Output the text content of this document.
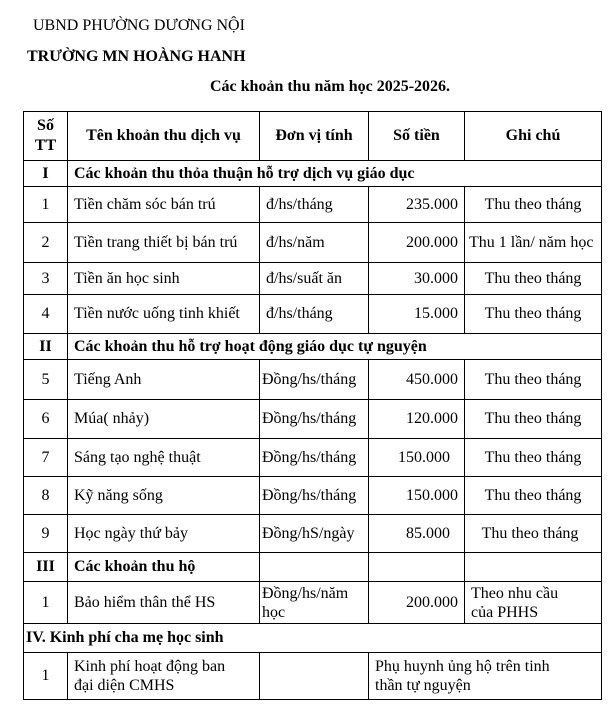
UBND PHƯỜNG DƯƠNG NỘI
TRƯỜNG MN HOÀNG HANH
Các khoản thu năm học 2025-2026.
Số TT	Tên khoản thu dịch vụ	Đơn vị tính	Số tiền	Ghi chú
I	Các khoản thu thỏa thuận hỗ trợ dịch vụ giáo dục			
1	Tiền chăm sóc bán trú	đ/hs/tháng	235.000	Thu theo tháng
2	Tiền trang thiết bị bán trú	đ/hs/năm	200.000	Thu 1 lần/ năm học
3	Tiền ăn học sinh	đ/hs/suất ăn	30.000	Thu theo tháng
4	Tiền nước uống tinh khiết	đ/hs/tháng	15.000	Thu theo tháng
II	Các khoản thu hỗ trợ hoạt động giáo dục tự nguyện			
5	Tiếng Anh	Đồng/hs/tháng	450.000	Thu theo tháng
6	Múa( nhảy)	Đồng/hs/tháng	120.000	Thu theo tháng
7	Sáng tạo nghệ thuật	Đồng/hs/tháng	150.000	Thu theo tháng
8	Kỹ năng sống	Đồng/hs/tháng	150.000	Thu theo tháng
9	Học ngày thứ bảy	Đồng/hS/ngày	85.000	Thu theo tháng
III	Các khoản thu hộ			
1	Bảo hiểm thân thể HS	Đồng/hs/năm học	200.000	Theo nhu cầu của PHHS
IV. Kinh phí cha mẹ học sinh				
1	Kinh phí hoạt động ban đại diện CMHS		Phụ huynh ủng hộ trên tinh thần tự nguyện	
